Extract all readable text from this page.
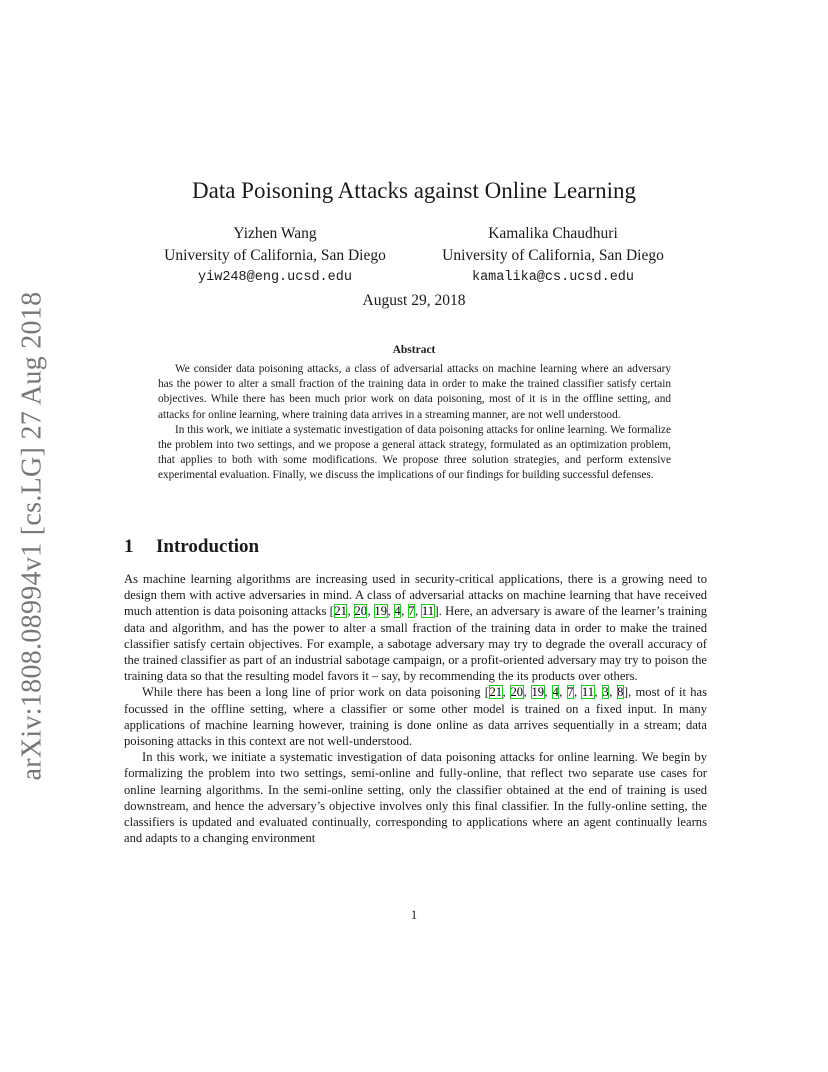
arXiv:1808.08994v1 [cs.LG] 27 Aug 2018
Data Poisoning Attacks against Online Learning
Yizhen Wang
University of California, San Diego
yiw248@eng.ucsd.edu
Kamalika Chaudhuri
University of California, San Diego
kamalika@cs.ucsd.edu
August 29, 2018
Abstract

We consider data poisoning attacks, a class of adversarial attacks on machine learning where an adversary has the power to alter a small fraction of the training data in order to make the trained classifier satisfy certain objectives. While there has been much prior work on data poisoning, most of it is in the offline setting, and attacks for online learning, where training data arrives in a streaming manner, are not well understood.

In this work, we initiate a systematic investigation of data poisoning attacks for online learning. We formalize the problem into two settings, and we propose a general attack strategy, formulated as an optimization problem, that applies to both with some modifications. We propose three solution strategies, and perform extensive experimental evaluation. Finally, we discuss the implications of our findings for building successful defenses.

1 Introduction

As machine learning algorithms are increasing used in security-critical applications, there is a growing need to design them with active adversaries in mind. A class of adversarial attacks on machine learning that have received much attention is data poisoning attacks [21, 20, 19, 4, 7, 11]. Here, an adversary is aware of the learner’s training data and algorithm, and has the power to alter a small fraction of the training data in order to make the trained classifier satisfy certain objectives. For example, a sabotage adversary may try to degrade the overall accuracy of the trained classifier as part of an industrial sabotage campaign, or a profit-oriented adversary may try to poison the training data so that the resulting model favors it – say, by recommending the its products over others.

While there has been a long line of prior work on data poisoning [21, 20, 19, 4, 7, 11, 3, 8], most of it has focussed in the offline setting, where a classifier or some other model is trained on a fixed input. In many applications of machine learning however, training is done online as data arrives sequentially in a stream; data poisoning attacks in this context are not well-understood.

In this work, we initiate a systematic investigation of data poisoning attacks for online learning. We begin by formalizing the problem into two settings, semi-online and fully-online, that reflect two separate use cases for online learning algorithms. In the semi-online setting, only the classifier obtained at the end of training is used downstream, and hence the adversary’s objective involves only this final classifier. In the fully-online setting, the classifiers is updated and evaluated continually, corresponding to applications where an agent continually learns and adapts to a changing environment

1
